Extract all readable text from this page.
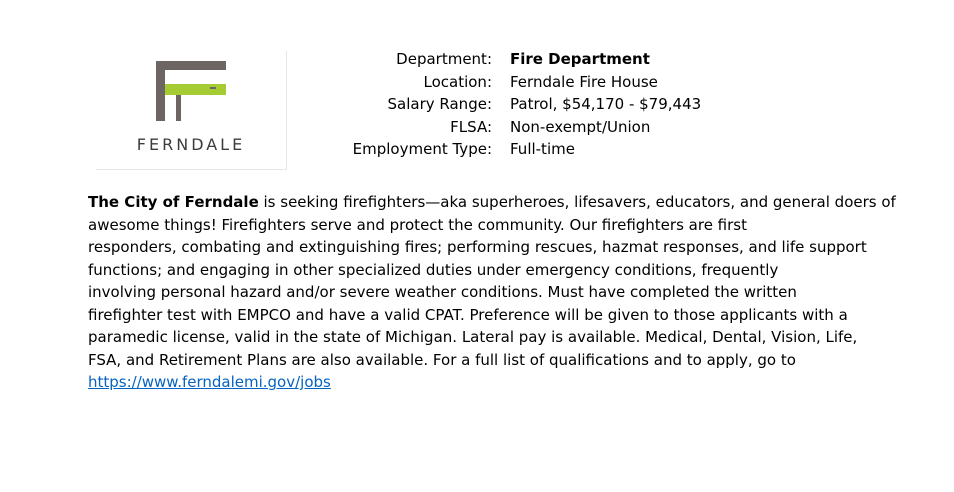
FERNDALE
Department:	Fire Department
Location:	Ferndale Fire House
Salary Range:	Patrol, $54,170 - $79,443
FLSA:	Non-exempt/Union
Employment Type:	Full-time
The City of Ferndale is seeking firefighters—aka superheroes, lifesavers, educators, and general doers of
awesome things! Firefighters serve and protect the community. Our firefighters are first
responders, combating and extinguishing fires; performing rescues, hazmat responses, and life support
functions; and engaging in other specialized duties under emergency conditions, frequently
involving personal hazard and/or severe weather conditions. Must have completed the written
firefighter test with EMPCO and have a valid CPAT. Preference will be given to those applicants with a
paramedic license, valid in the state of Michigan. Lateral pay is available. Medical, Dental, Vision, Life,
FSA, and Retirement Plans are also available. For a full list of qualifications and to apply, go to
https://www.ferndalemi.gov/jobs
